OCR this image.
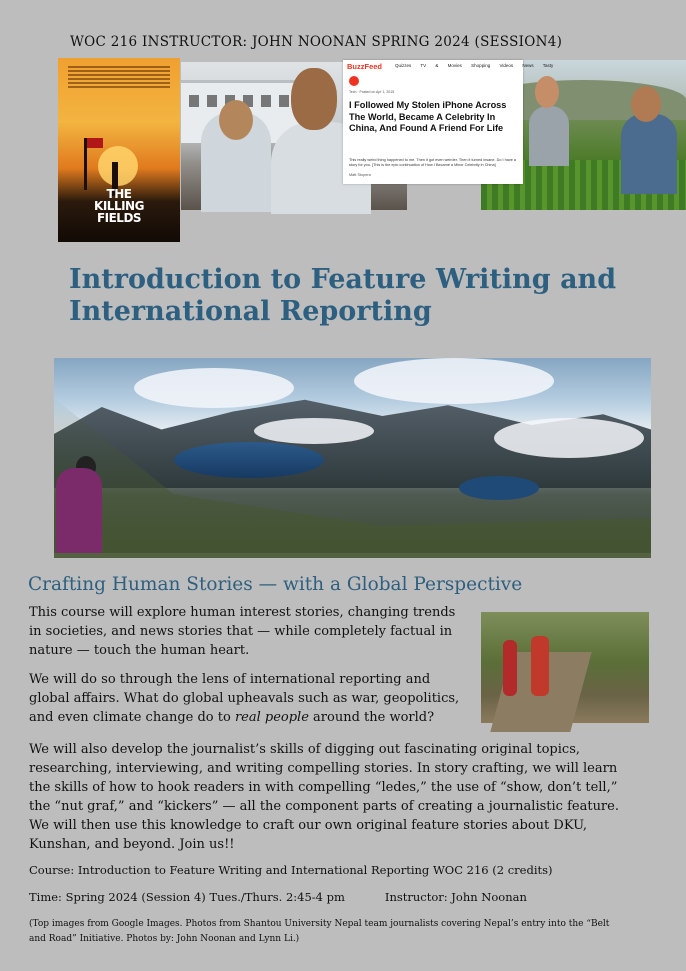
WOC 216 INSTRUCTOR: JOHN NOONAN SPRING 2024 (SESSION4)
THE
KILLING
FIELDS
BuzzFeed	Quizzes TV & Movies Shopping Videos News Tasty
Tech · Posted on Apr 1, 2015
I Followed My Stolen iPhone Across The World, Became A Celebrity In China, And Found A Friend For Life
This really weird thing happened to me. Then it got even weirder. Then it turned insane. Do I have a story for you. [This is the epic continuation of How I Became a Minor Celebrity in China]
Matt Stopera
Introduction to Feature Writing and International Reporting
Crafting Human Stories — with a Global Perspective

This course will explore human interest stories, changing trends in societies, and news stories that — while completely factual in nature — touch the human heart.

We will do so through the lens of international reporting and global affairs. What do global upheavals such as war, geopolitics, and even climate change do to real people around the world?

We will also develop the journalist’s skills of digging out fascinating original topics, researching, interviewing, and writing compelling stories. In story crafting, we will learn the skills of how to hook readers in with compelling “ledes,” the use of “show, don’t tell,” the “nut graf,” and “kickers” — all the component parts of creating a journalistic feature. We will then use this knowledge to craft our own original feature stories about DKU, Kunshan, and beyond. Join us!!

Course: Introduction to Feature Writing and International Reporting WOC 216 (2 credits)
Time: Spring 2024 (Session 4) Tues./Thurs. 2:45-4 pm	Instructor: John Noonan
(Top images from Google Images. Photos from Shantou University Nepal team journalists covering Nepal’s entry into the “Belt and Road” Initiative. Photos by: John Noonan and Lynn Li.)
